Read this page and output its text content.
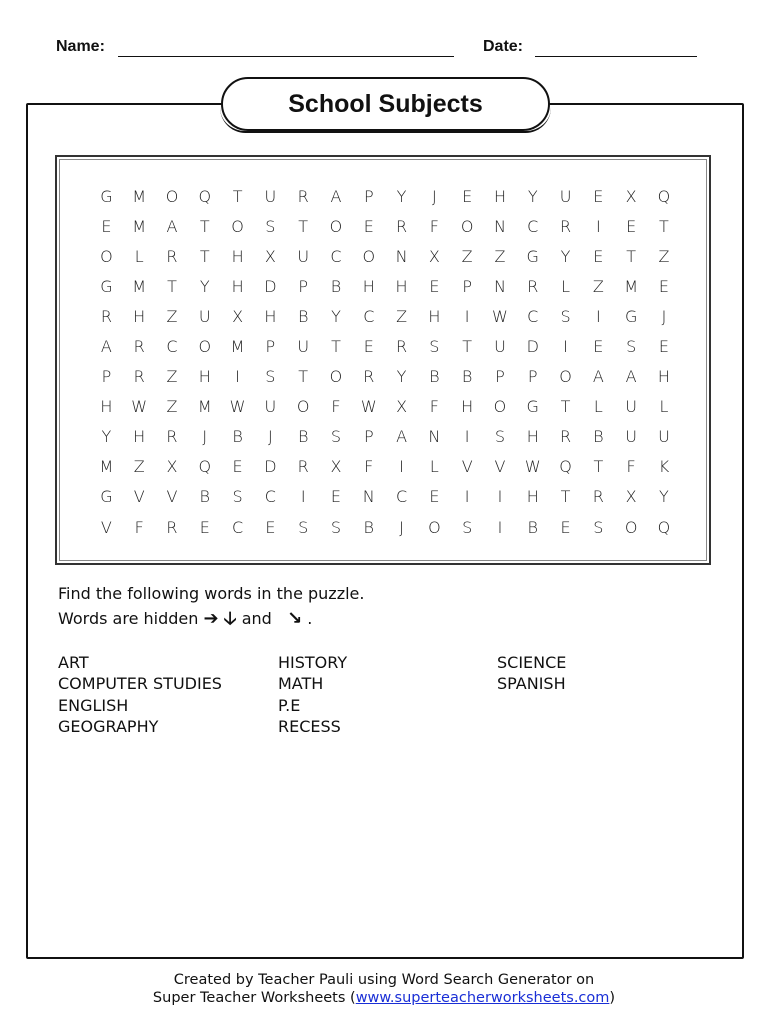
Name:	Date:
School Subjects
G	M	O	Q	T	U	R	A	P	Y	J	E	H	Y	U	E	X	Q
E	M	A	T	O	S	T	O	E	R	F	O	N	C	R	I	E	T
O	L	R	T	H	X	U	C	O	N	X	Z	Z	G	Y	E	T	Z
G	M	T	Y	H	D	P	B	H	H	E	P	N	R	L	Z	M	E
R	H	Z	U	X	H	B	Y	C	Z	H	I	W	C	S	I	G	J
A	R	C	O	M	P	U	T	E	R	S	T	U	D	I	E	S	E
P	R	Z	H	I	S	T	O	R	Y	B	B	P	P	O	A	A	H
H	W	Z	M	W	U	O	F	W	X	F	H	O	G	T	L	U	L
Y	H	R	J	B	J	B	S	P	A	N	I	S	H	R	B	U	U
M	Z	X	Q	E	D	R	X	F	I	L	V	V	W	Q	T	F	K
G	V	V	B	S	C	I	E	N	C	E	I	I	H	T	R	X	Y
V	F	R	E	C	E	S	S	B	J	O	S	I	B	E	S	O	Q
Find the following words in the puzzle.
Words are hidden ➔ 🡣 and ↘ .
ART
COMPUTER STUDIES
ENGLISH
GEOGRAPHY
HISTORY
MATH
P.E
RECESS
SCIENCE
SPANISH
Created by Teacher Pauli using Word Search Generator on
Super Teacher Worksheets (www.superteacherworksheets.com)
